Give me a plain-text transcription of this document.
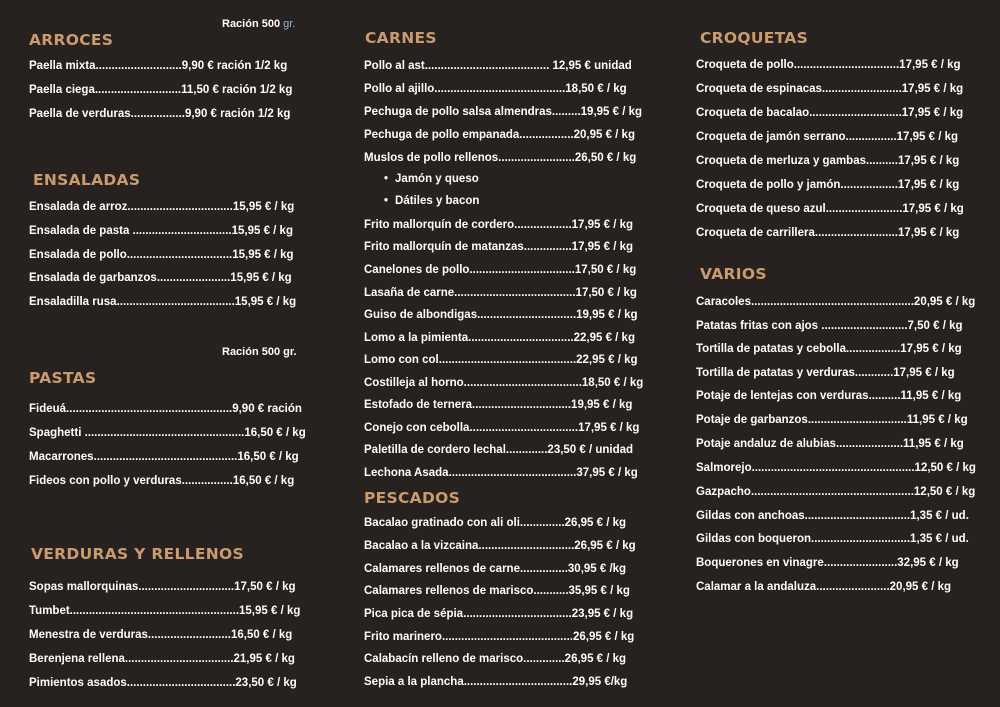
Ración 500 gr.
ARROCES
Paella mixta...........................9,90 € ración 1/2 kg
Paella ciega...........................11,50 € ración 1/2 kg
Paella de verduras.................9,90 € ración 1/2 kg
ENSALADAS
Ensalada de arroz.................................15,95 € / kg
Ensalada de pasta ...............................15,95 € / kg
Ensalada de pollo.................................15,95 € / kg
Ensalada de garbanzos.......................15,95 € / kg
Ensaladilla rusa.....................................15,95 € / kg
Ración 500 gr.
PASTAS
Fideuá....................................................9,90 € ración
Spaghetti ..................................................16,50 € / kg
Macarrones.............................................16,50 € / kg
Fideos con pollo y verduras................16,50 € / kg
VERDURAS Y RELLENOS
Sopas mallorquinas..............................17,50 € / kg
Tumbet.....................................................15,95 € / kg
Menestra de verduras..........................16,50 € / kg
Berenjena rellena..................................21,95 € / kg
Pimientos asados..................................23,50 € / kg
CARNES
Pollo al ast....................................... 12,95 € unidad
Pollo al ajillo.........................................18,50 € / kg
Pechuga de pollo salsa almendras.........19,95 € / kg
Pechuga de pollo empanada.................20,95 € / kg
Muslos de pollo rellenos........................26,50 € / kg
• Jamón y queso
• Dátiles y bacon
Frito mallorquín de cordero..................17,95 € / kg
Frito mallorquín de matanzas...............17,95 € / kg
Canelones de pollo.................................17,50 € / kg
Lasaña de carne......................................17,50 € / kg
Guiso de albondigas...............................19,95 € / kg
Lomo a la pimienta.................................22,95 € / kg
Lomo con col...........................................22,95 € / kg
Costilleja al horno.....................................18,50 € / kg
Estofado de ternera...............................19,95 € / kg
Conejo con cebolla..................................17,95 € / kg
Paletilla de cordero lechal.............23,50 € / unidad
Lechona Asada........................................37,95 € / kg
PESCADOS
Bacalao gratinado con ali oli..............26,95 € / kg
Bacalao a la vizcaina..............................26,95 € / kg
Calamares rellenos de carne...............30,95 € /kg
Calamares rellenos de marisco...........35,95 € / kg
Pica pica de sépia..................................23,95 € / kg
Frito marinero.........................................26,95 € / kg
Calabacín relleno de marisco.............26,95 € / kg
Sepia a la plancha..................................29,95 €/kg
CROQUETAS
Croqueta de pollo.................................17,95 € / kg
Croqueta de espinacas.........................17,95 € / kg
Croqueta de bacalao.............................17,95 € / kg
Croqueta de jamón serrano................17,95 € / kg
Croqueta de merluza y gambas..........17,95 € / kg
Croqueta de pollo y jamón..................17,95 € / kg
Croqueta de queso azul........................17,95 € / kg
Croqueta de carrillera..........................17,95 € / kg
VARIOS
Caracoles...................................................20,95 € / kg
Patatas fritas con ajos ...........................7,50 € / kg
Tortilla de patatas y cebolla.................17,95 € / kg
Tortilla de patatas y verduras............17,95 € / kg
Potaje de lentejas con verduras..........11,95 € / kg
Potaje de garbanzos...............................11,95 € / kg
Potaje andaluz de alubias.....................11,95 € / kg
Salmorejo...................................................12,50 € / kg
Gazpacho...................................................12,50 € / kg
Gildas con anchoas.................................1,35 € / ud.
Gildas con boqueron...............................1,35 € / ud.
Boquerones en vinagre.......................32,95 € / kg
Calamar a la andaluza.......................20,95 € / kg
